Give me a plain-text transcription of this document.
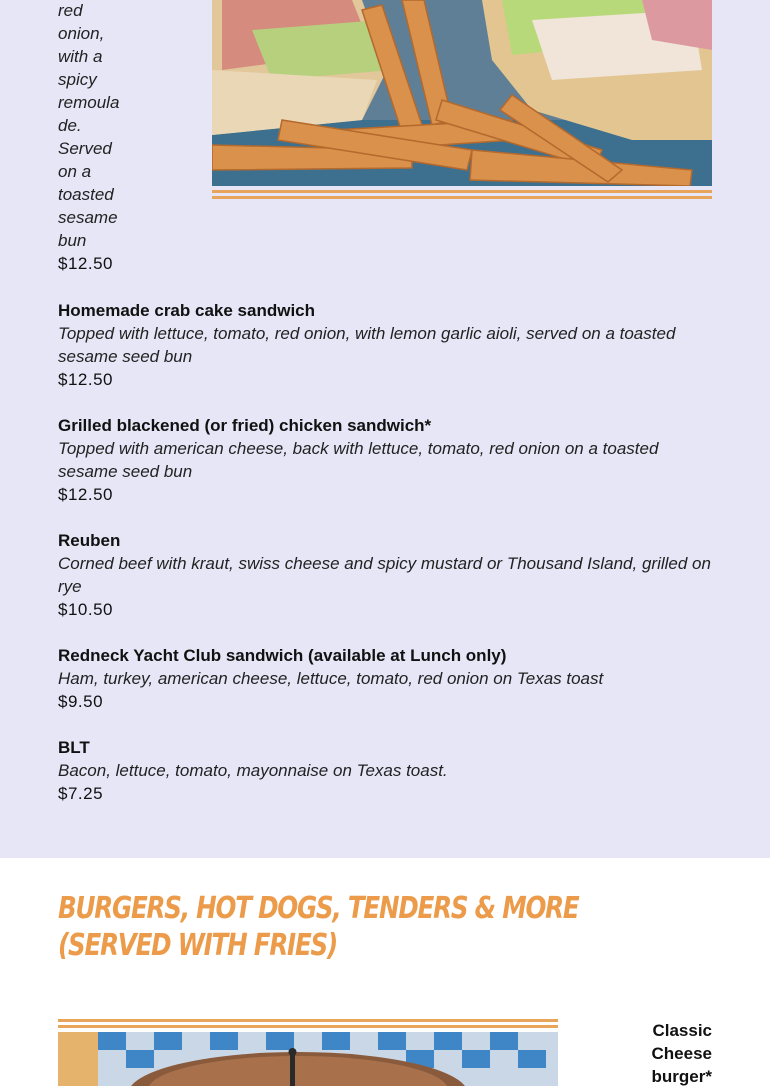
red
onion,
with a
spicy
remoula
de.
Served
on a
toasted
sesame
bun
$12.50
Homemade crab cake sandwich
Topped with lettuce, tomato, red onion, with lemon garlic aioli, served on a toasted sesame seed bun
$12.50
Grilled blackened (or fried) chicken sandwich*
Topped with american cheese, back with lettuce, tomato, red onion on a toasted sesame seed bun
$12.50
Reuben
Corned beef with kraut, swiss cheese and spicy mustard or Thousand Island, grilled on rye
$10.50
Redneck Yacht Club sandwich (available at Lunch only)
Ham, turkey, american cheese, lettuce, tomato, red onion on Texas toast
$9.50
BLT
Bacon, lettuce, tomato, mayonnaise on Texas toast.
$7.25
BURGERS, HOT DOGS, TENDERS & MORE (SERVED WITH FRIES)
Classic
Cheese
burger*
